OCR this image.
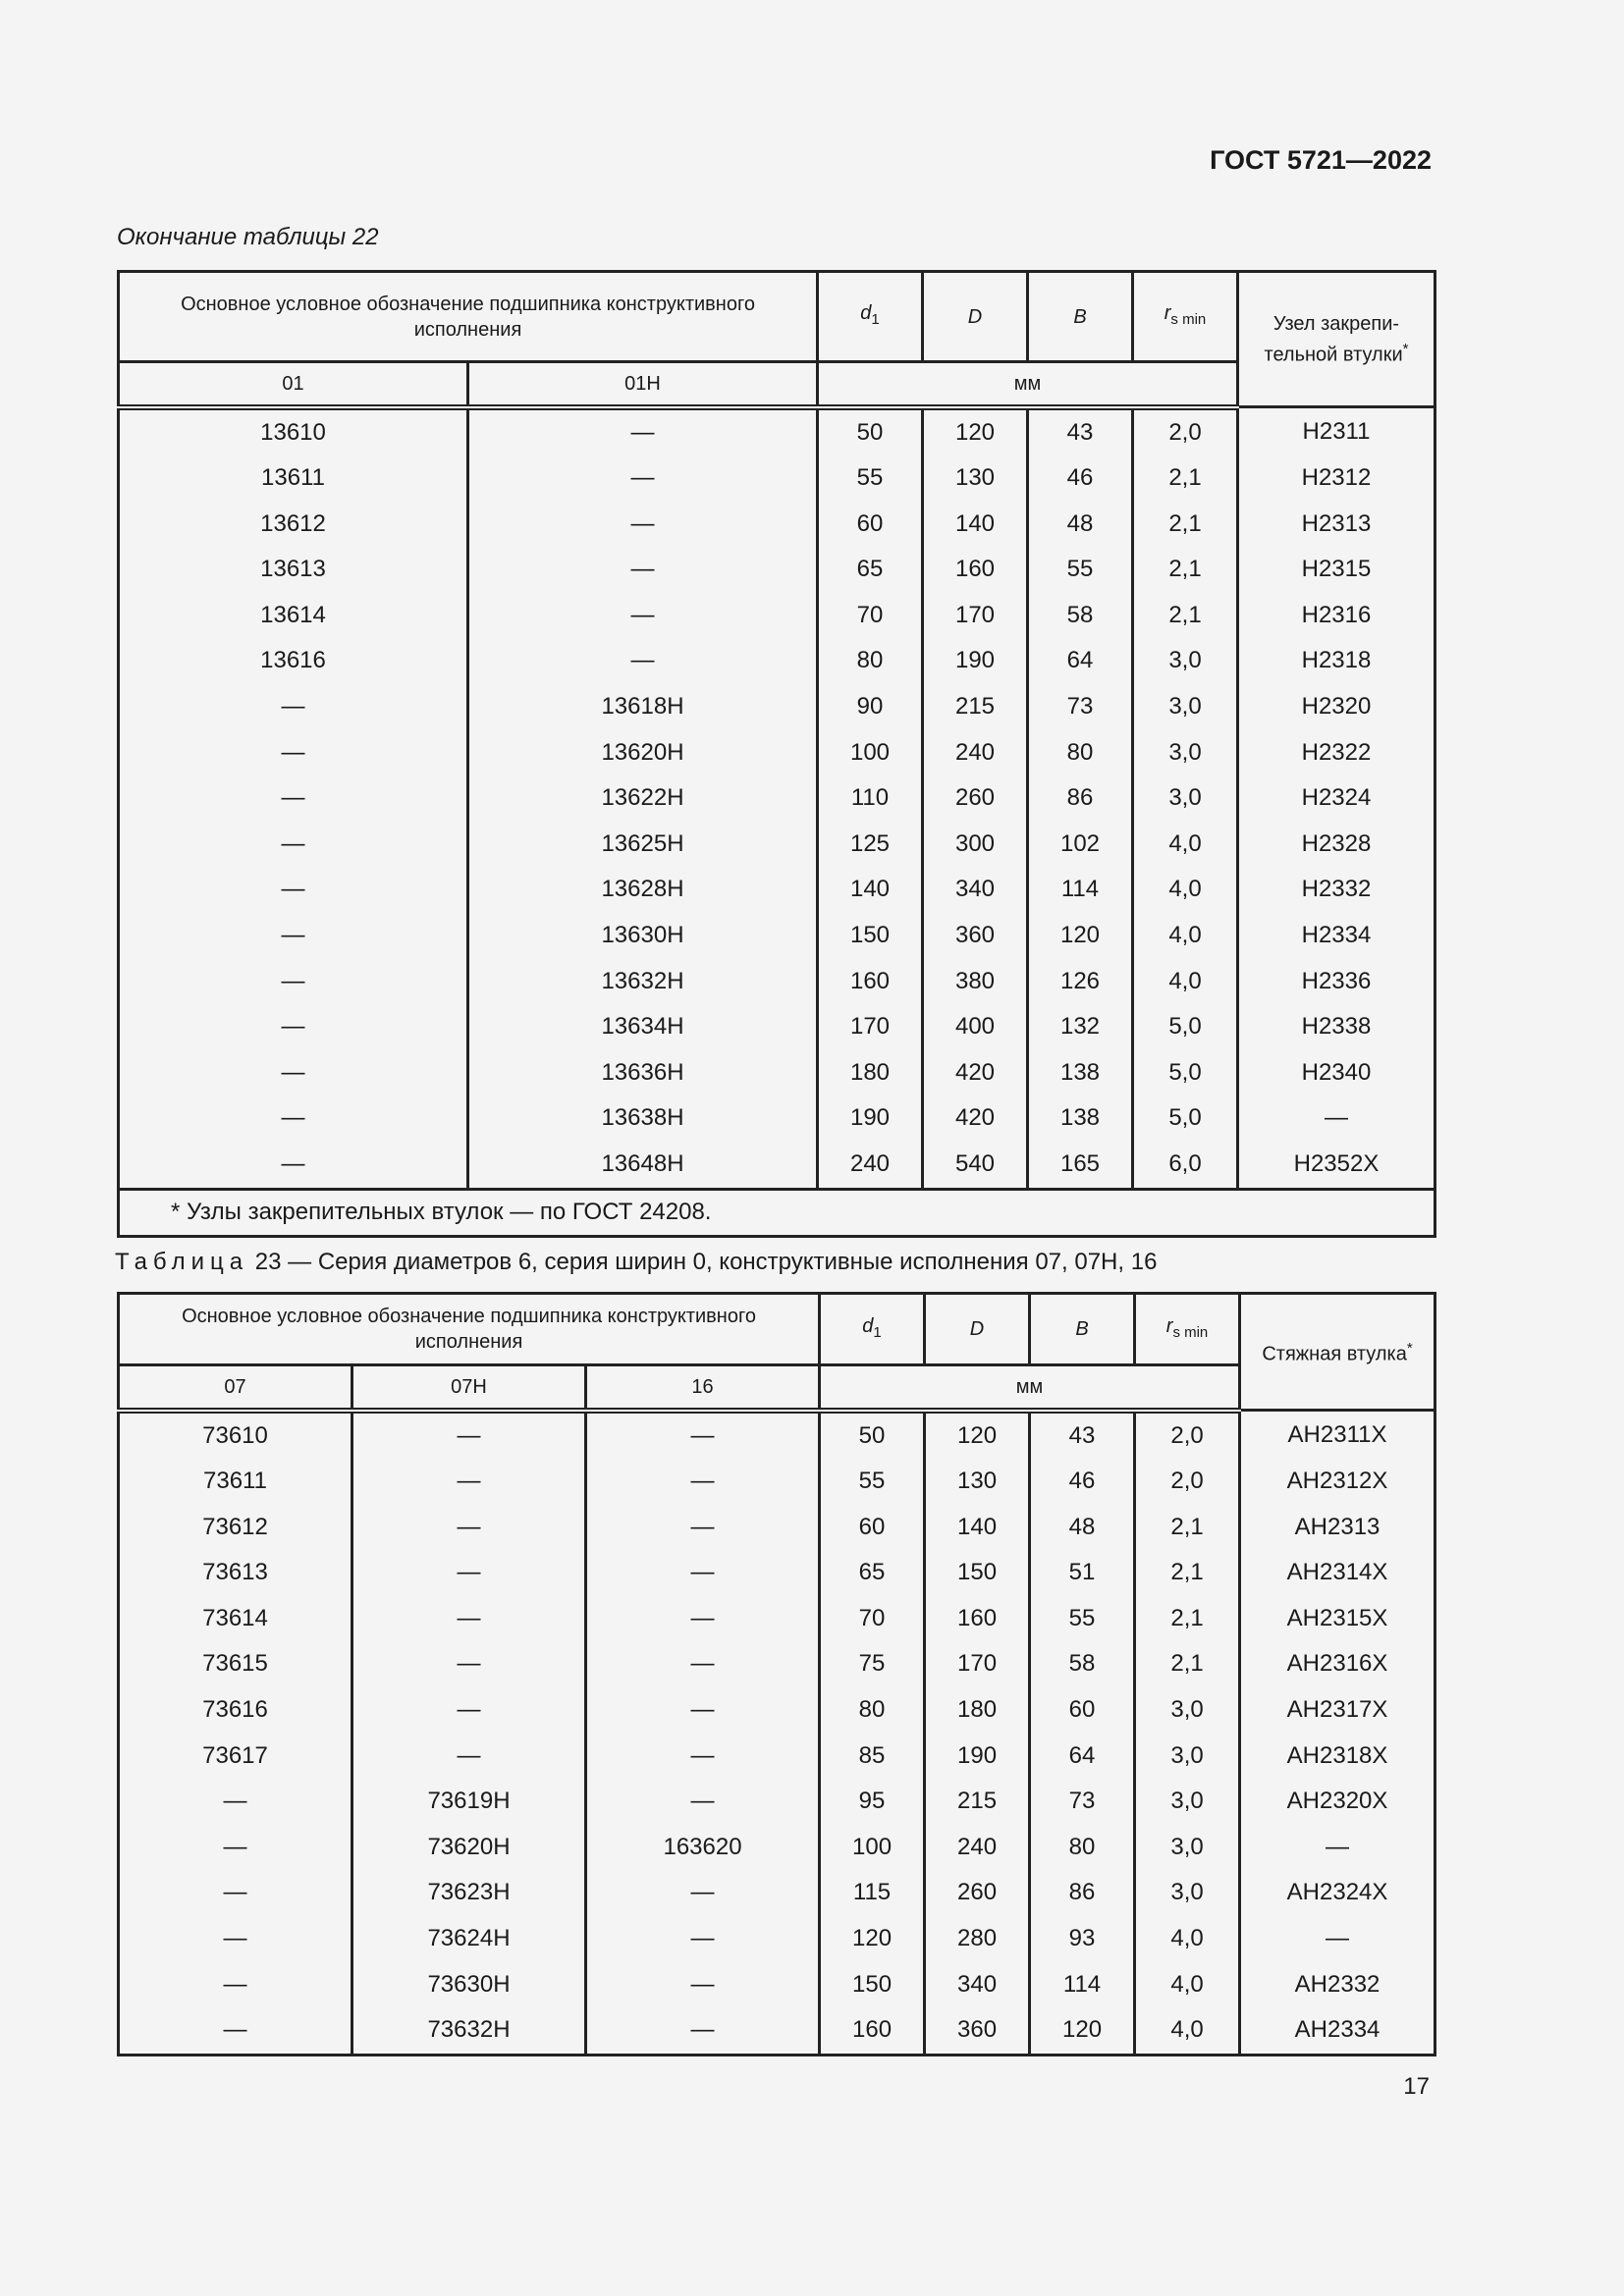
ГОСТ 5721—2022
Окончание таблицы 22
Основное условное обозначение подшипника конструктивного исполнения		$d_1$	D	B	$r_{s min}$	Узел закрепи-тельной втулки*
01	01Н	мм				
13610	—	50	120	43	2,0	Н2311
13611	—	55	130	46	2,1	Н2312
13612	—	60	140	48	2,1	Н2313
13613	—	65	160	55	2,1	Н2315
13614	—	70	170	58	2,1	Н2316
13616	—	80	190	64	3,0	Н2318
—	13618Н	90	215	73	3,0	Н2320
—	13620Н	100	240	80	3,0	Н2322
—	13622Н	110	260	86	3,0	Н2324
—	13625Н	125	300	102	4,0	Н2328
—	13628Н	140	340	114	4,0	Н2332
—	13630Н	150	360	120	4,0	Н2334
—	13632Н	160	380	126	4,0	Н2336
—	13634Н	170	400	132	5,0	Н2338
—	13636Н	180	420	138	5,0	Н2340
—	13638Н	190	420	138	5,0	—
—	13648Н	240	540	165	6,0	Н2352Х
* Узлы закрепительных втулок — по ГОСТ 24208.						
Таблица 23 — Серия диаметров 6, серия ширин 0, конструктивные исполнения 07, 07Н, 16
Основное условное обозначение подшипника конструктивного исполнения			$d_1$	D	B	$r_{s min}$	Стяжная втулка*
07	07Н	16	мм				
73610	—	—	50	120	43	2,0	АН2311Х
73611	—	—	55	130	46	2,0	АН2312Х
73612	—	—	60	140	48	2,1	АН2313
73613	—	—	65	150	51	2,1	АН2314Х
73614	—	—	70	160	55	2,1	АН2315Х
73615	—	—	75	170	58	2,1	АН2316Х
73616	—	—	80	180	60	3,0	АН2317Х
73617	—	—	85	190	64	3,0	АН2318Х
—	73619Н	—	95	215	73	3,0	АН2320Х
—	73620Н	163620	100	240	80	3,0	—
—	73623Н	—	115	260	86	3,0	АН2324Х
—	73624Н	—	120	280	93	4,0	—
—	73630Н	—	150	340	114	4,0	АН2332
—	73632Н	—	160	360	120	4,0	АН2334
17
